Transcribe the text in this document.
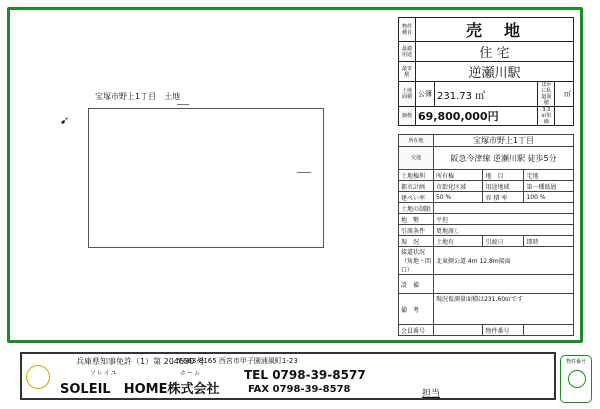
宝塚市野上1丁目　土地
➹
物件種目	売　地			
最適用途	住 宅			
最寄駅	逆瀬川駅			
土地面積	公簿	231.73 ㎡	ほかに私道面積	㎡
価格	69,800,000円		3.3㎡単価	
所在地	宝塚市野上1丁目		
交通	阪急今津線 逆瀬川駅 徒歩5分		
土地権利	所有権	地　目	宅地
都市計画	市街化区域	用途地域	第一種低層
建ぺい率	50 %	容 積 率	100 %
土地の制限			
地　勢	平坦		
引渡条件	更地渡し		
現　況	土地有	引渡日	即時
接道状況（角地・間口）	北東側公道 4m 12.8m接面		
設　備			
備　考	現況仮測量面積は231.60㎡です		
会員番号		物件番号	
兵庫県知事免許（1）第 204630 号
〒663-8165 西宮市甲子園浦風町1-23
ソレイユ	ホーム
SOLEIL　HOME株式会社
TEL 0798-39-8577
FAX 0798-39-8578	担当
物件番号
